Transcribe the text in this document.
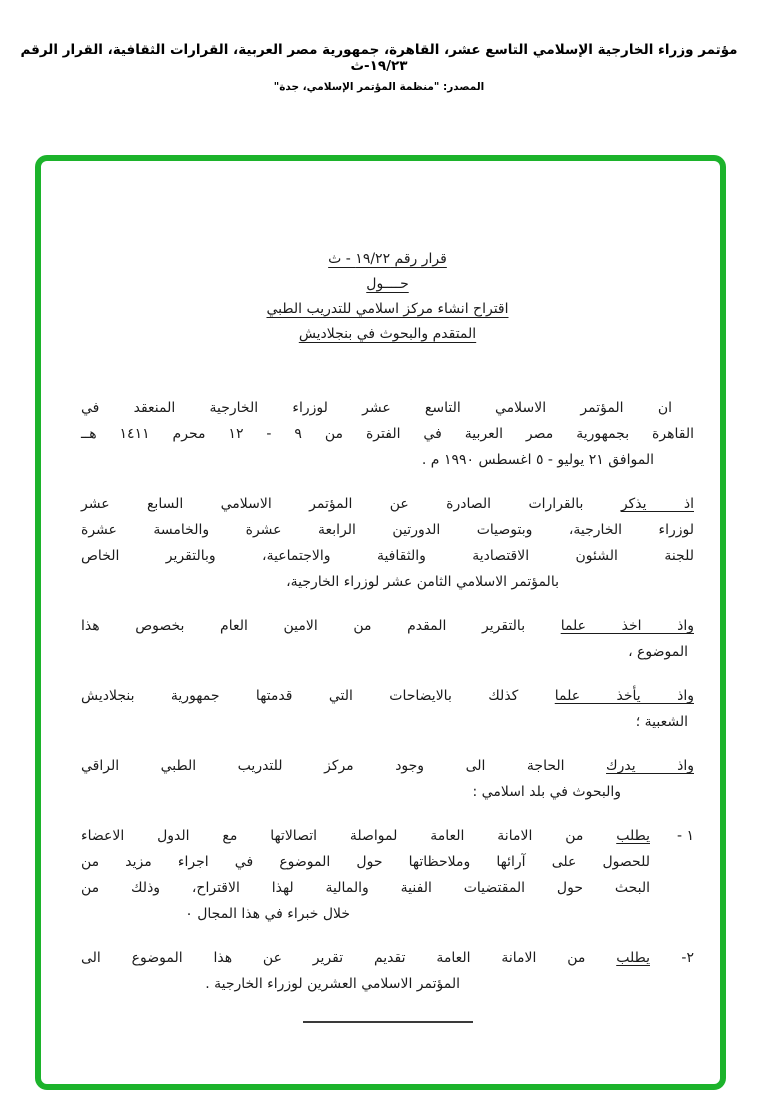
مؤتمر وزراء الخارجية الإسلامي التاسع عشر، القاهرة، جمهورية مصر العربية، القرارات الثقافية، القرار الرقم ١٩/٢٣-ث
المصدر: "منظمة المؤتمر الإسلامي، جدة"
قرار رقم ١٩/٢٢ - ث
حــــول
اقتراح انشاء مركز اسلامي للتدريب الطبي
المتقدم والبحوث في بنجلاديش
ان المؤتمر الاسلامي التاسع عشر لوزراء الخارجية المنعقد في
القاهرة بجمهورية مصر العربية في الفترة من ٩ - ١٢ محرم ١٤١١ هــ
الموافق ٢١ يوليو - ٥ اغسطس ١٩٩٠ م .
اذ يذكر بالقرارات الصادرة عن المؤتمر الاسلامي السابع عشر
لوزراء الخارجية، وبتوصيات الدورتين الرابعة عشرة والخامسة عشرة
للجنة الشئون الاقتصادية والثقافية والاجتماعية، وبالتقرير الخاص
بالمؤتمر الاسلامي الثامن عشر لوزراء الخارجية،
واذ اخذ علما بالتقرير المقدم من الامين العام بخصوص هذا
الموضوع ،
واذ يأخذ علما كذلك بالايضاحات التي قدمتها جمهورية بنجلاديش
الشعبية ؛
واذ يدرك الحاجة الى وجود مركز للتدريب الطبي الراقي
والبحوث في بلد اسلامي :
١ -
يطلب من الامانة العامة لمواصلة اتصالاتها مع الدول الاعضاء
للحصول على آرائها وملاحظاتها حول الموضوع في اجراء مزيد من
البحث حول المقتضيات الفنية والمالية لهذا الاقتراح، وذلك من
خلال خبراء في هذا المجال ٠
٢-
يطلب من الامانة العامة تقديم تقرير عن هذا الموضوع الى
المؤتمر الاسلامي العشرين لوزراء الخارجية .
